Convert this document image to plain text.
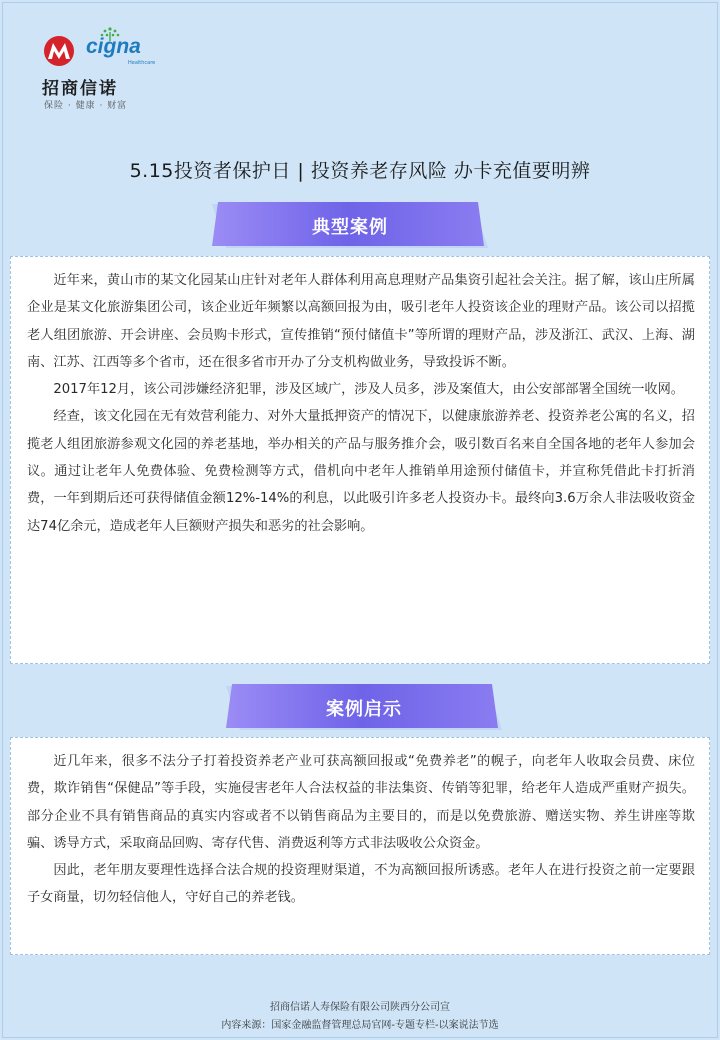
cigna
Healthcare
招商信诺
保险 · 健康 · 财富
5.15投资者保护日 | 投资养老存风险 办卡充值要明辨
典型案例

近年来，黄山市的某文化园某山庄针对老年人群体利用高息理财产品集资引起社会关注。据了解，该山庄所属企业是某文化旅游集团公司，该企业近年频繁以高额回报为由，吸引老年人投资该企业的理财产品。该公司以招揽老人组团旅游、开会讲座、会员购卡形式，宣传推销“预付储值卡”等所谓的理财产品，涉及浙江、武汉、上海、湖南、江苏、江西等多个省市，还在很多省市开办了分支机构做业务，导致投诉不断。

2017年12月，该公司涉嫌经济犯罪，涉及区域广，涉及人员多，涉及案值大，由公安部部署全国统一收网。

经查，该文化园在无有效营利能力、对外大量抵押资产的情况下，以健康旅游养老、投资养老公寓的名义，招揽老人组团旅游参观文化园的养老基地，举办相关的产品与服务推介会，吸引数百名来自全国各地的老年人参加会议。通过让老年人免费体验、免费检测等方式，借机向中老年人推销单用途预付储值卡，并宣称凭借此卡打折消费，一年到期后还可获得储值金额12%-14%的利息，以此吸引许多老人投资办卡。最终向3.6万余人非法吸收资金达74亿余元，造成老年人巨额财产损失和恶劣的社会影响。

案例启示

近几年来，很多不法分子打着投资养老产业可获高额回报或“免费养老”的幌子，向老年人收取会员费、床位费，欺诈销售“保健品”等手段，实施侵害老年人合法权益的非法集资、传销等犯罪，给老年人造成严重财产损失。部分企业不具有销售商品的真实内容或者不以销售商品为主要目的，而是以免费旅游、赠送实物、养生讲座等欺骗、诱导方式，采取商品回购、寄存代售、消费返利等方式非法吸收公众资金。

因此，老年朋友要理性选择合法合规的投资理财渠道，不为高额回报所诱惑。老年人在进行投资之前一定要跟子女商量，切勿轻信他人，守好自己的养老钱。

招商信诺人寿保险有限公司陕西分公司宣
内容来源：国家金融监督管理总局官网-专题专栏-以案说法节选
